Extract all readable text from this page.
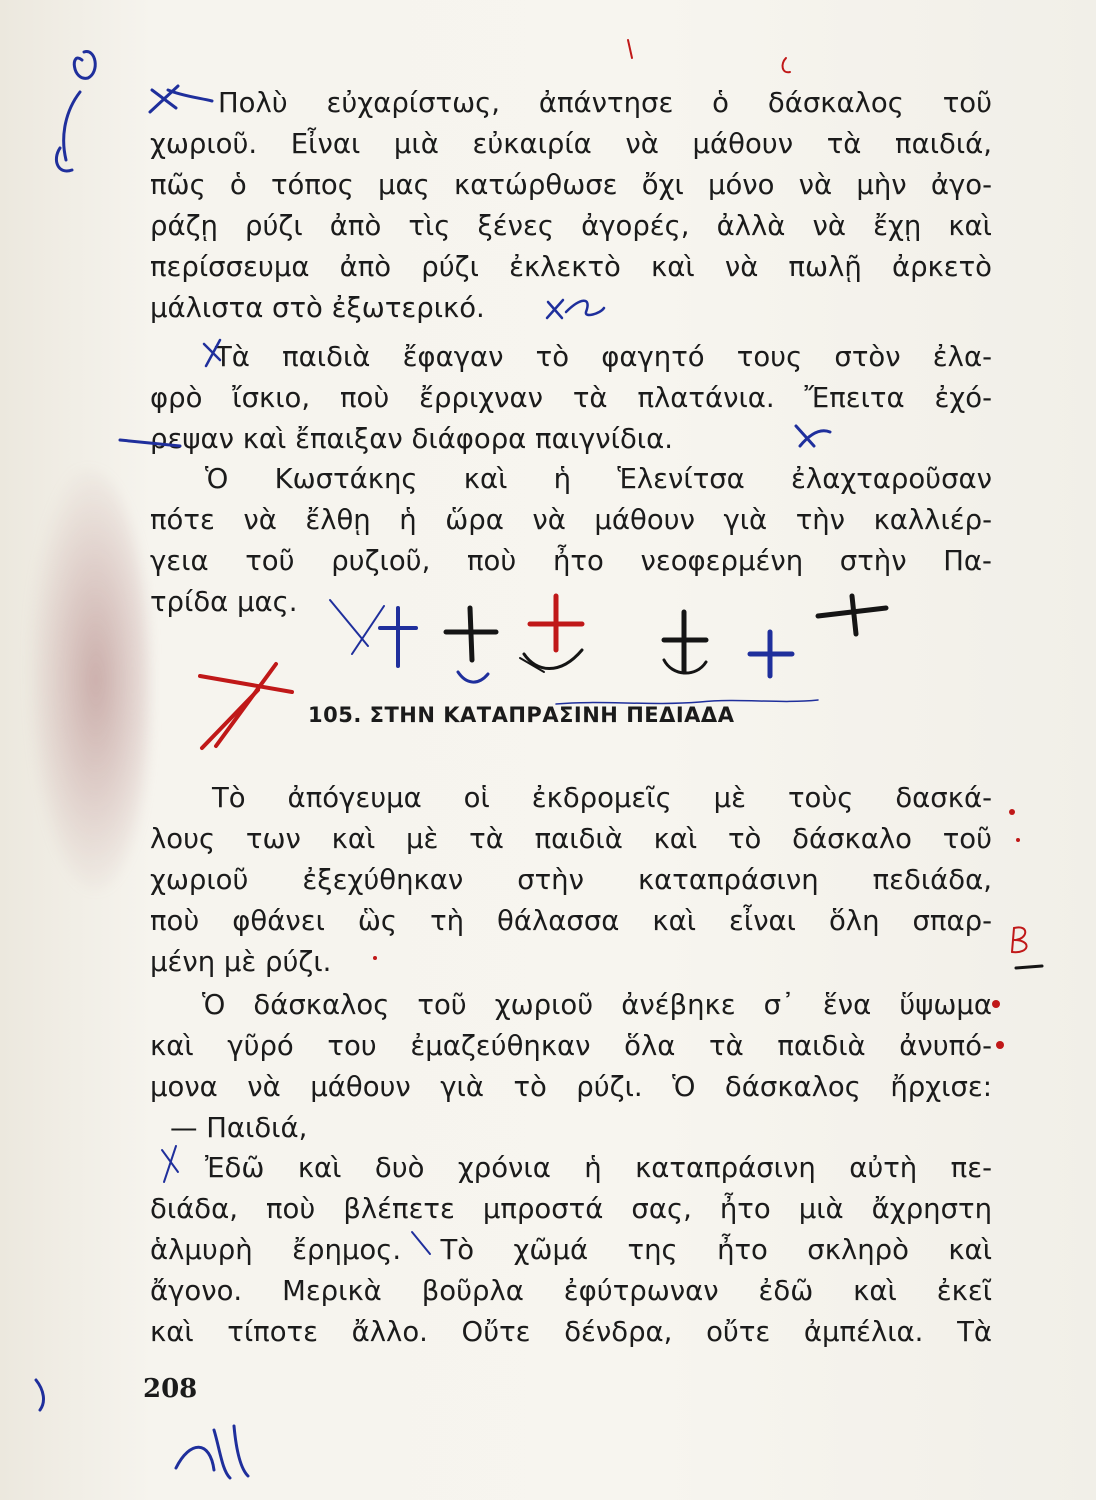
Πολὺ εὐχαρίστως, ἀπάντησε ὁ δάσκαλος τοῦ
χωριοῦ. Εἶναι μιὰ εὐκαιρία νὰ μάθουν τὰ παιδιά,
πῶς ὁ τόπος μας κατώρθωσε ὄχι μόνο νὰ μὴν ἀγο-
ράζῃ ρύζι ἀπὸ τὶς ξένες ἀγορές, ἀλλὰ νὰ ἔχῃ καὶ
περίσσευμα ἀπὸ ρύζι ἐκλεκτὸ καὶ νὰ πωλῇ ἀρκετὸ
μάλιστα στὸ ἐξωτερικό.
Τὰ παιδιὰ ἔφαγαν τὸ φαγητό τους στὸν ἐλα-
φρὸ ἴσκιο, ποὺ ἔρριχναν τὰ πλατάνια. Ἔπειτα ἐχό-
ρεψαν καὶ ἔπαιξαν διάφορα παιγνίδια.
Ὁ Κωστάκης καὶ ἡ Ἑλενίτσα ἐλαχταροῦσαν
πότε νὰ ἔλθῃ ἡ ὥρα νὰ μάθουν γιὰ τὴν καλλιέρ-
γεια τοῦ ρυζιοῦ, ποὺ ἦτο νεοφερμένη στὴν Πα-
τρίδα μας.
105. ΣΤΗΝ ΚΑΤΑΠΡΑΣΙΝΗ ΠΕΔΙΑΔΑ
Τὸ ἀπόγευμα οἱ ἐκδρομεῖς μὲ τοὺς δασκά-
λους των καὶ μὲ τὰ παιδιὰ καὶ τὸ δάσκαλο τοῦ
χωριοῦ ἐξεχύθηκαν στὴν καταπράσινη πεδιάδα,
ποὺ φθάνει ὣς τὴ θάλασσα καὶ εἶναι ὅλη σπαρ-
μένη μὲ ρύζι.
Ὁ δάσκαλος τοῦ χωριοῦ ἀνέβηκε σ᾽ ἕνα ὕψωμα
καὶ γῦρό του ἐμαζεύθηκαν ὅλα τὰ παιδιὰ ἀνυπό-
μονα νὰ μάθουν γιὰ τὸ ρύζι. Ὁ δάσκαλος ἤρχισε:
— Παιδιά,
Ἐδῶ καὶ δυὸ χρόνια ἡ καταπράσινη αὐτὴ πε-
διάδα, ποὺ βλέπετε μπροστά σας, ἦτο μιὰ ἄχρηστη
ἁλμυρὴ ἔρημος. Τὸ χῶμά της ἦτο σκληρὸ καὶ
ἄγονο. Μερικὰ βοῦρλα ἐφύτρωναν ἐδῶ καὶ ἐκεῖ
καὶ τίποτε ἄλλο. Οὔτε δένδρα, οὔτε ἀμπέλια. Τὰ
208
